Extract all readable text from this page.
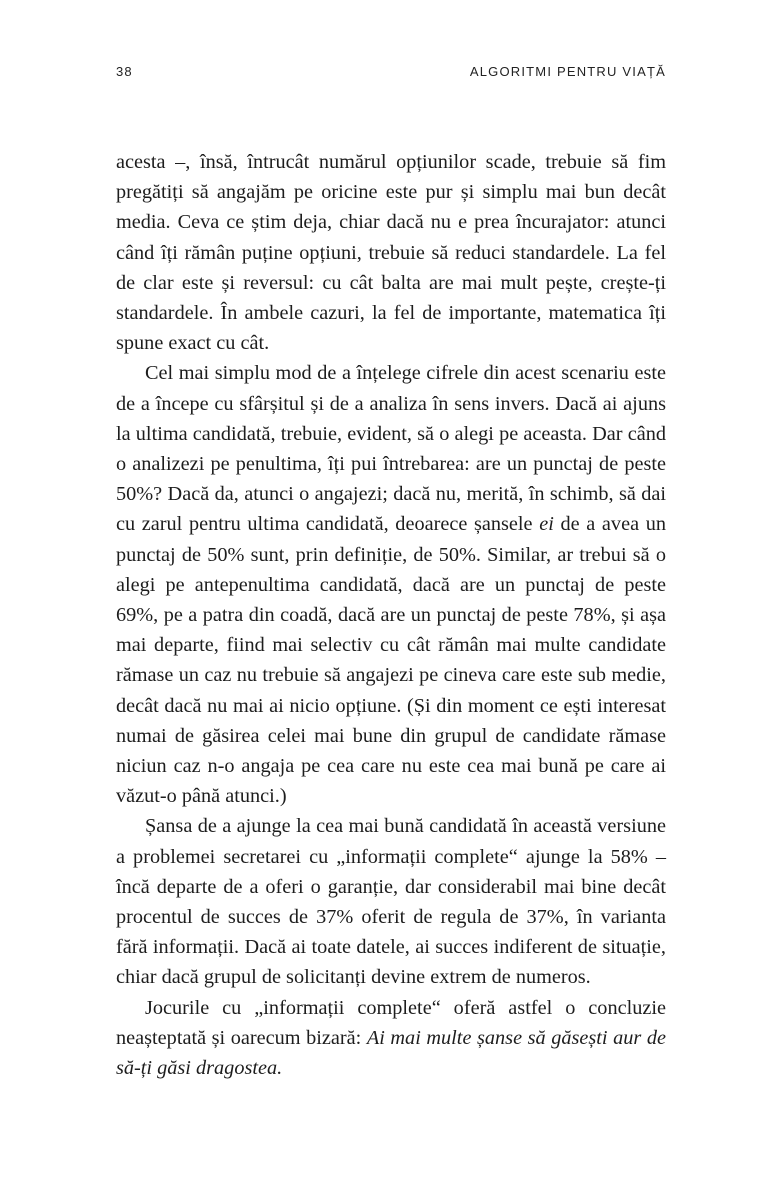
38	ALGORITMI PENTRU VIAȚĂ

acesta –, însă, întrucât numărul opțiunilor scade, trebuie să fim pregătiți să angajăm pe oricine este pur și simplu mai bun decât media. Ceva ce știm deja, chiar dacă nu e prea încurajator: atunci când îți rămân puține opțiuni, trebuie să reduci standardele. La fel de clar este și reversul: cu cât balta are mai mult pește, crește-ți standardele. În ambele cazuri, la fel de importante, matematica îți spune exact cu cât.

Cel mai simplu mod de a înțelege cifrele din acest scenariu este de a începe cu sfârșitul și de a analiza în sens invers. Dacă ai ajuns la ultima candidată, trebuie, evident, să o alegi pe aceasta. Dar când o analizezi pe penultima, îți pui întrebarea: are un punctaj de peste 50%? Dacă da, atunci o angajezi; dacă nu, merită, în schimb, să dai cu zarul pentru ultima candidată, deoarece șansele ei de a avea un punctaj de 50% sunt, prin definiție, de 50%. Similar, ar trebui să o alegi pe antepenultima candidată, dacă are un punctaj de peste 69%, pe a patra din coadă, dacă are un punctaj de peste 78%, și așa mai departe, fiind mai selectiv cu cât rămân mai multe candidate rămase un caz nu trebuie să angajezi pe cineva care este sub medie, decât dacă nu mai ai nicio opțiune. (Și din moment ce ești interesat numai de găsirea celei mai bune din grupul de candidate rămase niciun caz n-o angaja pe cea care nu este cea mai bună pe care ai văzut-o până atunci.)

Șansa de a ajunge la cea mai bună candidată în această versiune a problemei secretarei cu „informații complete“ ajunge la 58% – încă departe de a oferi o garanție, dar considerabil mai bine decât procentul de succes de 37% oferit de regula de 37%, în varianta fără informații. Dacă ai toate datele, ai succes indiferent de situație, chiar dacă grupul de solicitanți devine extrem de numeros.

Jocurile cu „informații complete“ oferă astfel o concluzie neașteptată și oarecum bizară: Ai mai multe șanse să găsești aur de să-ți găsi dragostea.
